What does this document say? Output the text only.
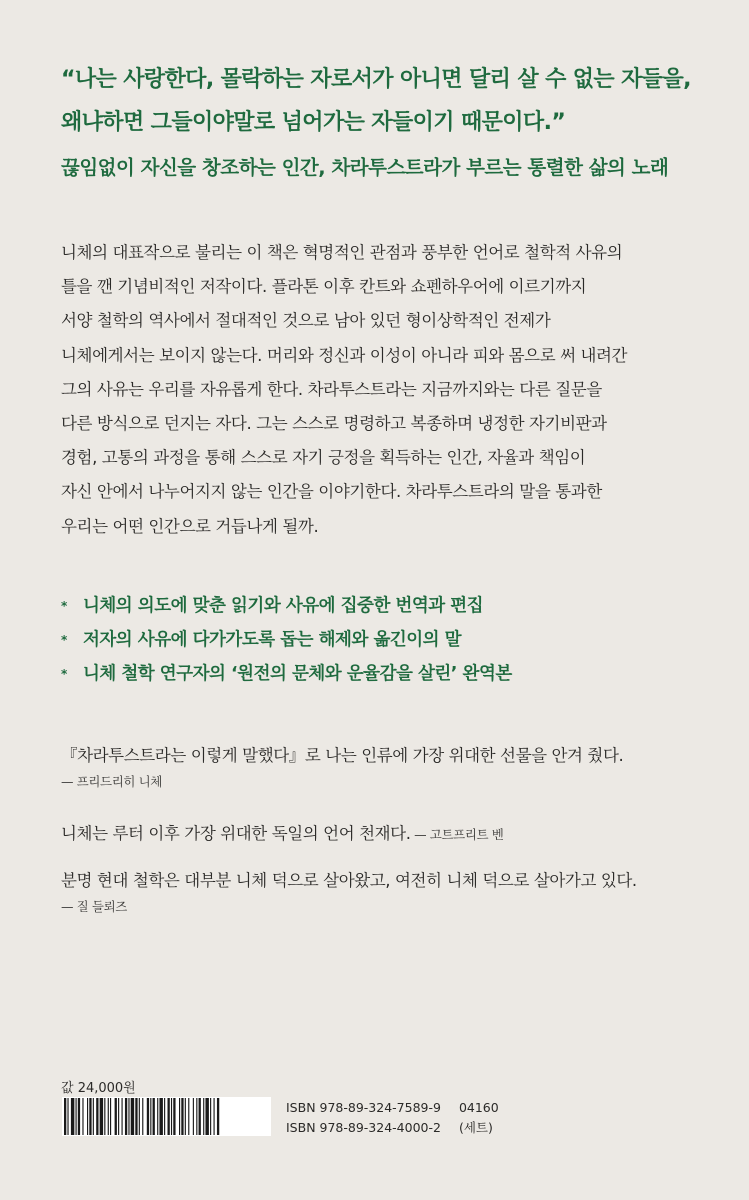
“나는 사랑한다, 몰락하는 자로서가 아니면 달리 살 수 없는 자들을,
왜냐하면 그들이야말로 넘어가는 자들이기 때문이다.”
끊임없이 자신을 창조하는 인간, 차라투스트라가 부르는 통렬한 삶의 노래
니체의 대표작으로 불리는 이 책은 혁명적인 관점과 풍부한 언어로 철학적 사유의
틀을 깬 기념비적인 저작이다. 플라톤 이후 칸트와 쇼펜하우어에 이르기까지
서양 철학의 역사에서 절대적인 것으로 남아 있던 형이상학적인 전제가
니체에게서는 보이지 않는다. 머리와 정신과 이성이 아니라 피와 몸으로 써 내려간
그의 사유는 우리를 자유롭게 한다. 차라투스트라는 지금까지와는 다른 질문을
다른 방식으로 던지는 자다. 그는 스스로 명령하고 복종하며 냉정한 자기비판과
경험, 고통의 과정을 통해 스스로 자기 긍정을 획득하는 인간, 자율과 책임이
자신 안에서 나누어지지 않는 인간을 이야기한다. 차라투스트라의 말을 통과한
우리는 어떤 인간으로 거듭나게 될까.
* 니체의 의도에 맞춘 읽기와 사유에 집중한 번역과 편집
* 저자의 사유에 다가가도록 돕는 해제와 옮긴이의 말
* 니체 철학 연구자의 ‘원전의 문체와 운율감을 살린’ 완역본
『차라투스트라는 이렇게 말했다』로 나는 인류에 가장 위대한 선물을 안겨 줬다.
— 프리드리히 니체
니체는 루터 이후 가장 위대한 독일의 언어 천재다. — 고트프리트 벤
분명 현대 철학은 대부분 니체 덕으로 살아왔고, 여전히 니체 덕으로 살아가고 있다.
— 질 들뢰즈
값 24,000원
ISBN 978-89-324-7589-9 04160
ISBN 978-89-324-4000-2 (세트)
